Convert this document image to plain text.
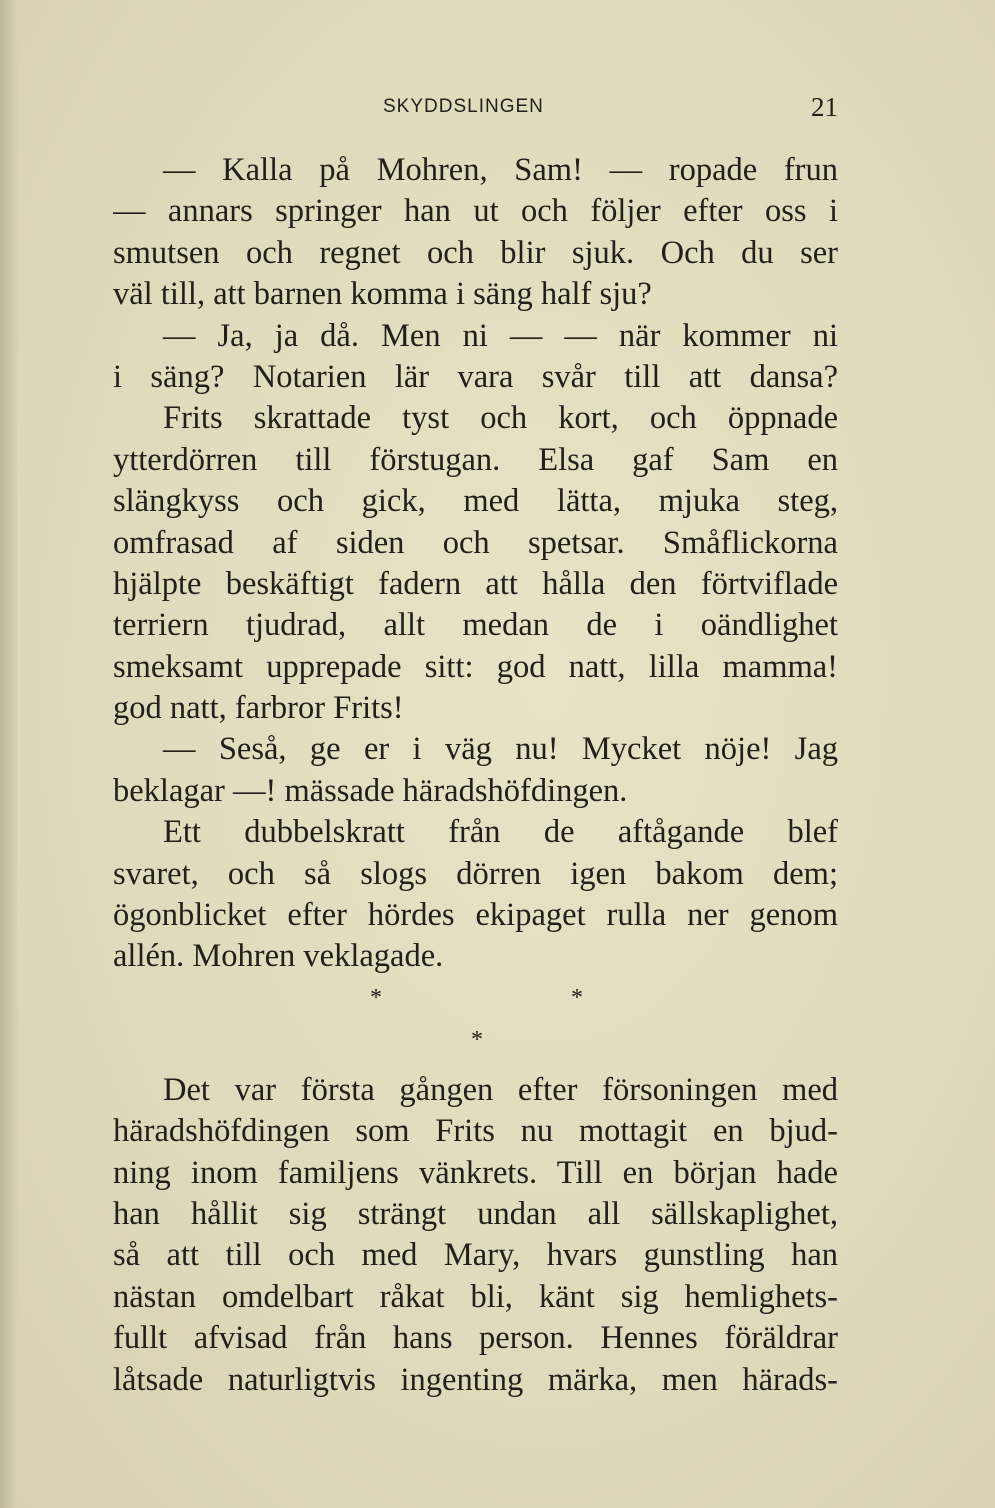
SKYDDSLINGEN	21
— Kalla på Mohren, Sam! — ropade frun
— annars springer han ut och följer efter oss i
smutsen och regnet och blir sjuk. Och du ser
väl till, att barnen komma i säng half sju?
— Ja, ja då. Men ni — — när kommer ni
i säng? Notarien lär vara svår till att dansa?
Frits skrattade tyst och kort, och öppnade
ytterdörren till förstugan. Elsa gaf Sam en
slängkyss och gick, med lätta, mjuka steg,
omfrasad af siden och spetsar. Småflickorna
hjälpte beskäftigt fadern att hålla den förtviflade
terriern tjudrad, allt medan de i oändlighet
smeksamt upprepade sitt: god natt, lilla mamma!
god natt, farbror Frits!
— Seså, ge er i väg nu! Mycket nöje! Jag
beklagar —! mässade häradshöfdingen.
Ett dubbelskratt från de aftågande blef
svaret, och så slogs dörren igen bakom dem;
ögonblicket efter hördes ekipaget rulla ner genom
allén. Mohren veklagade.
*	*
*
Det var första gången efter försoningen med
häradshöfdingen som Frits nu mottagit en bjud-
ning inom familjens vänkrets. Till en början hade
han hållit sig strängt undan all sällskaplighet,
så att till och med Mary, hvars gunstling han
nästan omdelbart råkat bli, känt sig hemlighets-
fullt afvisad från hans person. Hennes föräldrar
låtsade naturligtvis ingenting märka, men härads-
